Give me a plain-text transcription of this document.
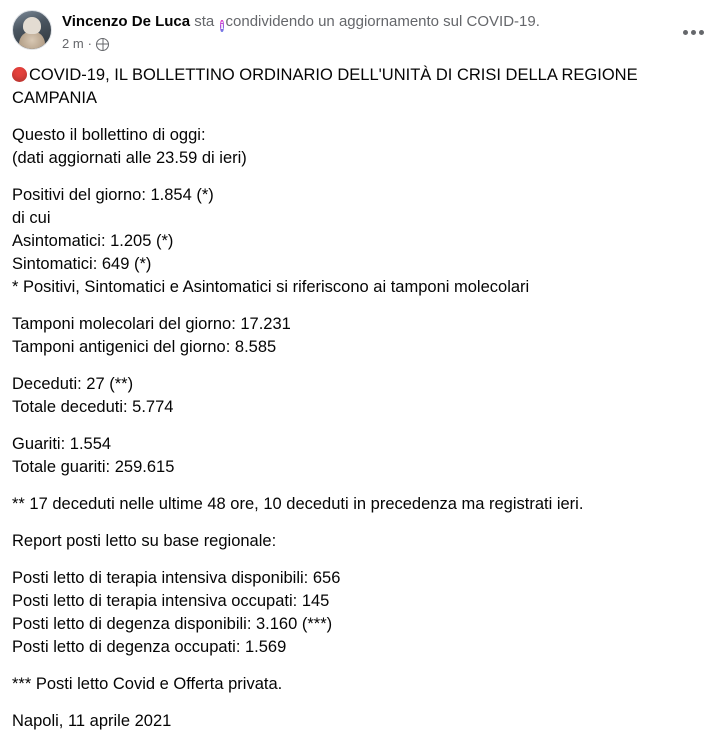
Vincenzo De Luca sta i condividendo un aggiornamento sul COVID-19.
2 m ·
COVID-19, IL BOLLETTINO ORDINARIO DELL'UNITÀ DI CRISI DELLA REGIONE CAMPANIA
Questo il bollettino di oggi:
(dati aggiornati alle 23.59 di ieri)
Positivi del giorno: 1.854 (*)
di cui
Asintomatici: 1.205 (*)
Sintomatici: 649 (*)
* Positivi, Sintomatici e Asintomatici si riferiscono ai tamponi molecolari
Tamponi molecolari del giorno: 17.231
Tamponi antigenici del giorno: 8.585
Deceduti: 27 (**)
Totale deceduti: 5.774
Guariti: 1.554
Totale guariti: 259.615
** 17 deceduti nelle ultime 48 ore, 10 deceduti in precedenza ma registrati ieri.
Report posti letto su base regionale:
Posti letto di terapia intensiva disponibili: 656
Posti letto di terapia intensiva occupati: 145
Posti letto di degenza disponibili: 3.160 (***)
Posti letto di degenza occupati: 1.569
*** Posti letto Covid e Offerta privata.
Napoli, 11 aprile 2021
